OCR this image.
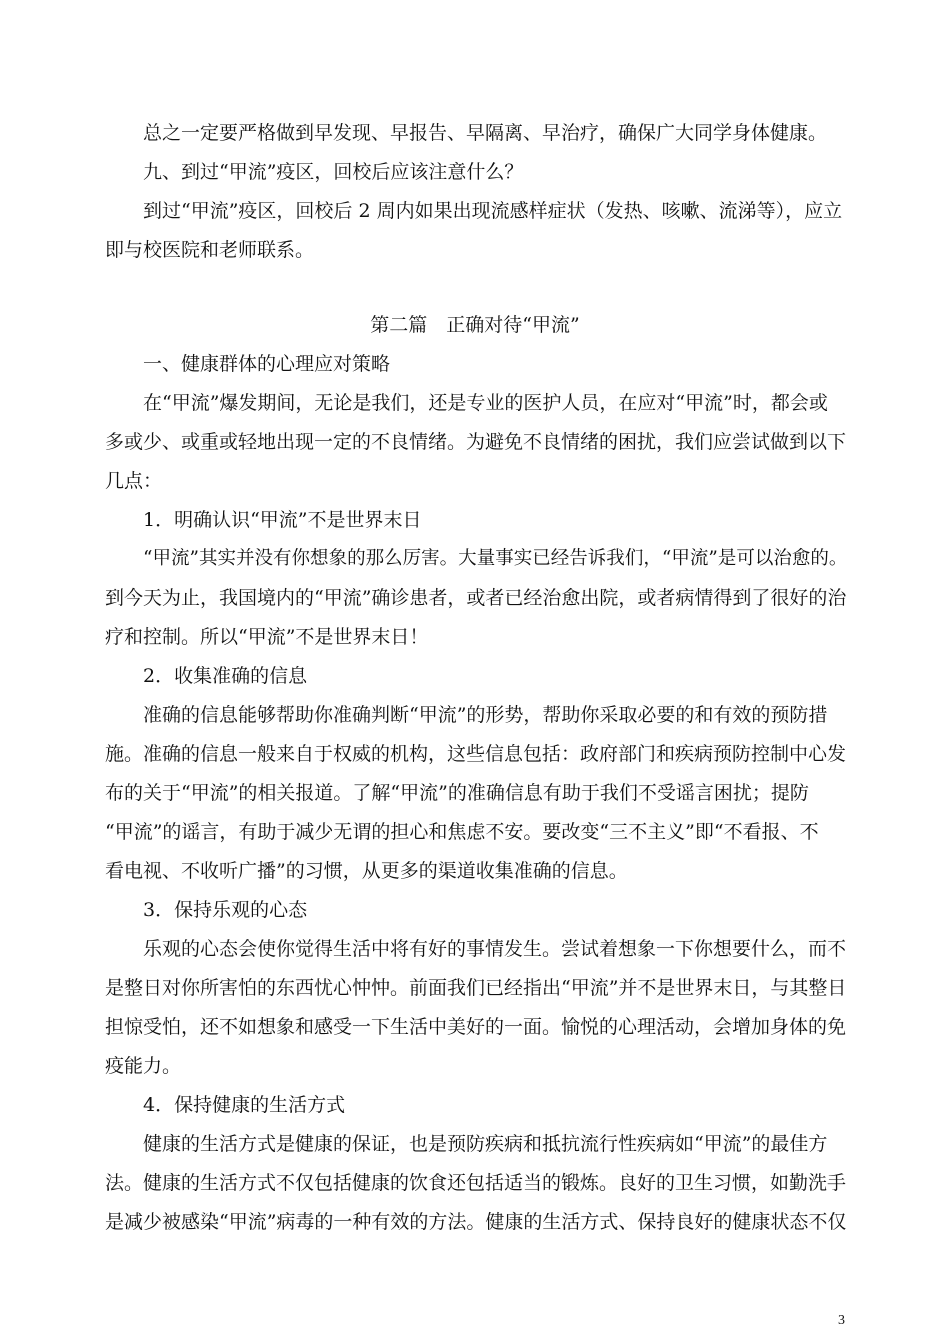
总之一定要严格做到早发现、早报告、早隔离、早治疗，确保广大同学身体健康。
九、到过“甲流”疫区，回校后应该注意什么？
到过“甲流”疫区，回校后 2 周内如果出现流感样症状（发热、咳嗽、流涕等），应立
即与校医院和老师联系。
第二篇　正确对待“甲流”
一、健康群体的心理应对策略
在“甲流”爆发期间，无论是我们，还是专业的医护人员，在应对“甲流”时，都会或
多或少、或重或轻地出现一定的不良情绪。为避免不良情绪的困扰，我们应尝试做到以下
几点：
1．明确认识“甲流”不是世界末日
“甲流”其实并没有你想象的那么厉害。大量事实已经告诉我们，“甲流”是可以治愈的。
到今天为止，我国境内的“甲流”确诊患者，或者已经治愈出院，或者病情得到了很好的治
疗和控制。所以“甲流”不是世界末日！
2．收集准确的信息
准确的信息能够帮助你准确判断“甲流”的形势，帮助你采取必要的和有效的预防措
施。准确的信息一般来自于权威的机构，这些信息包括：政府部门和疾病预防控制中心发
布的关于“甲流”的相关报道。了解“甲流”的准确信息有助于我们不受谣言困扰；提防
“甲流”的谣言，有助于减少无谓的担心和焦虑不安。要改变“三不主义”即“不看报、不
看电视、不收听广播”的习惯，从更多的渠道收集准确的信息。
3．保持乐观的心态
乐观的心态会使你觉得生活中将有好的事情发生。尝试着想象一下你想要什么，而不
是整日对你所害怕的东西忧心忡忡。前面我们已经指出“甲流”并不是世界末日，与其整日
担惊受怕，还不如想象和感受一下生活中美好的一面。愉悦的心理活动，会增加身体的免
疫能力。
4．保持健康的生活方式
健康的生活方式是健康的保证，也是预防疾病和抵抗流行性疾病如“甲流”的最佳方
法。健康的生活方式不仅包括健康的饮食还包括适当的锻炼。良好的卫生习惯，如勤洗手
是减少被感染“甲流”病毒的一种有效的方法。健康的生活方式、保持良好的健康状态不仅
3
